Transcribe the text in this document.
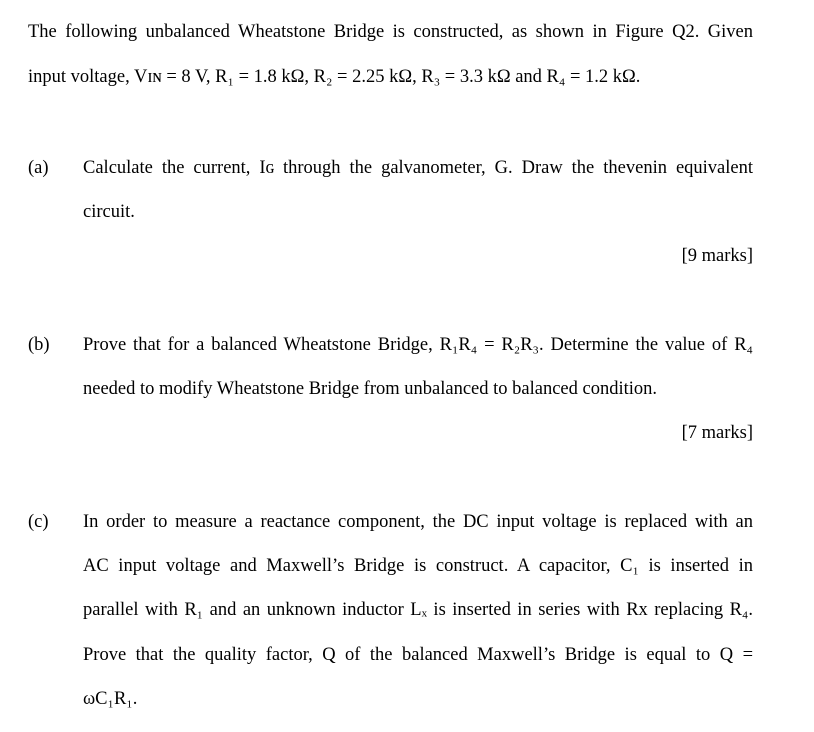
The following unbalanced Wheatstone Bridge is constructed, as shown in Figure Q2. Given
input voltage, Vɪɴ = 8 V, R₁ = 1.8 kΩ, R₂ = 2.25 kΩ, R₃ = 3.3 kΩ and R₄ = 1.2 kΩ.
(a) Calculate the current, Iɢ through the galvanometer, G. Draw the thevenin equivalent
circuit.
[9 marks]
(b) Prove that for a balanced Wheatstone Bridge, R₁R₄ = R₂R₃. Determine the value of R₄
needed to modify Wheatstone Bridge from unbalanced to balanced condition.
[7 marks]
(c) In order to measure a reactance component, the DC input voltage is replaced with an
AC input voltage and Maxwell’s Bridge is construct. A capacitor, C₁ is inserted in
parallel with R₁ and an unknown inductor Lₓ is inserted in series with Rх replacing R₄.
Prove that the quality factor, Q of the balanced Maxwell’s Bridge is equal to Q =
ωC₁R₁.
